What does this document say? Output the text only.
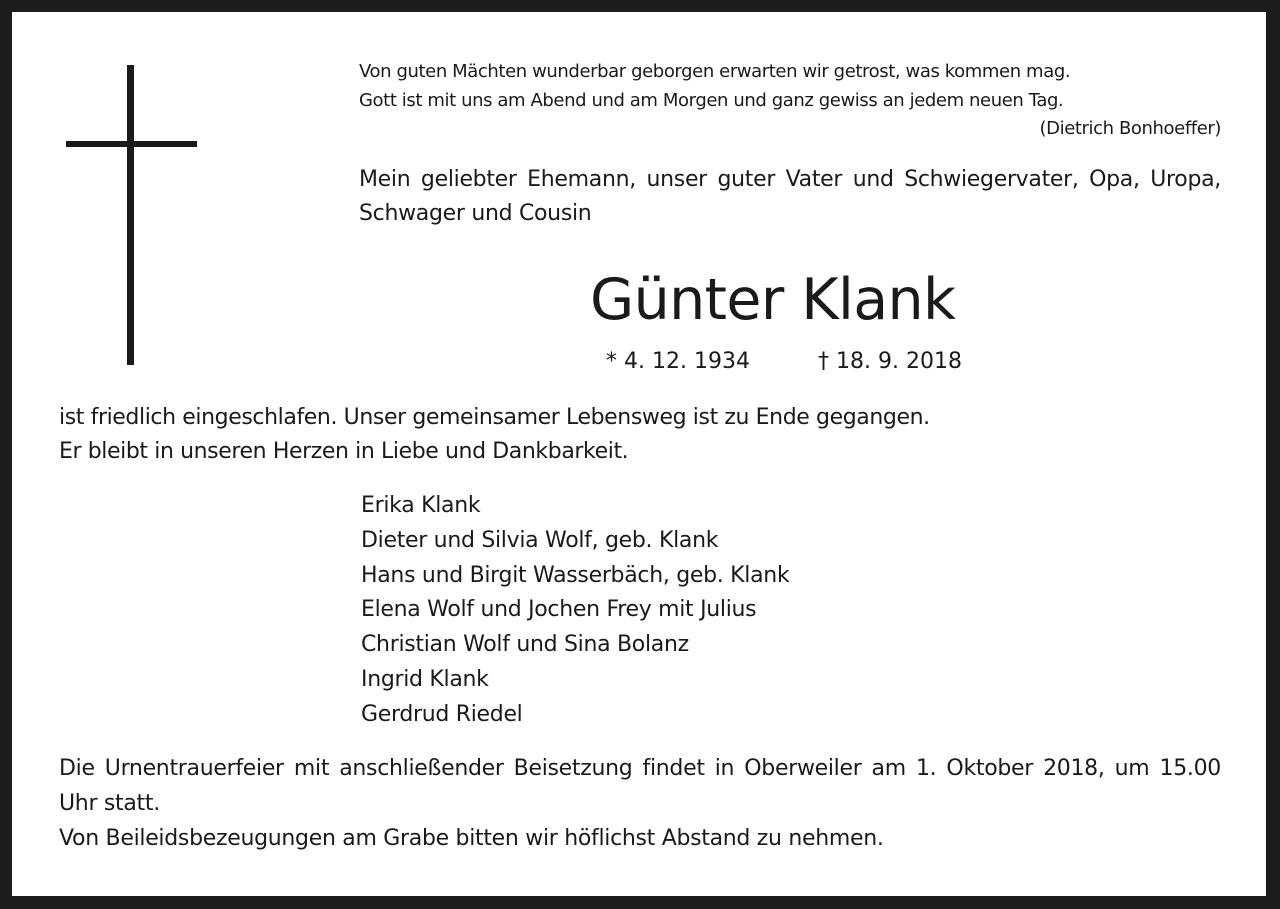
Von guten Mächten wunderbar geborgen erwarten wir getrost, was kommen mag.
Gott ist mit uns am Abend und am Morgen und ganz gewiss an jedem neuen Tag.
(Dietrich Bonhoeffer)
Mein geliebter Ehemann, unser guter Vater und Schwiegervater, Opa, Uropa, Schwager und Cousin
Günter Klank
* 4. 12. 1934	† 18. 9. 2018
ist friedlich eingeschlafen. Unser gemeinsamer Lebensweg ist zu Ende gegangen.
Er bleibt in unseren Herzen in Liebe und Dankbarkeit.
Erika Klank
Dieter und Silvia Wolf, geb. Klank
Hans und Birgit Wasserbäch, geb. Klank
Elena Wolf und Jochen Frey mit Julius
Christian Wolf und Sina Bolanz
Ingrid Klank
Gerdrud Riedel
Die Urnentrauerfeier mit anschließender Beisetzung findet in Oberweiler am 1. Oktober 2018, um 15.00 Uhr statt.
Von Beileidsbezeugungen am Grabe bitten wir höflichst Abstand zu nehmen.
